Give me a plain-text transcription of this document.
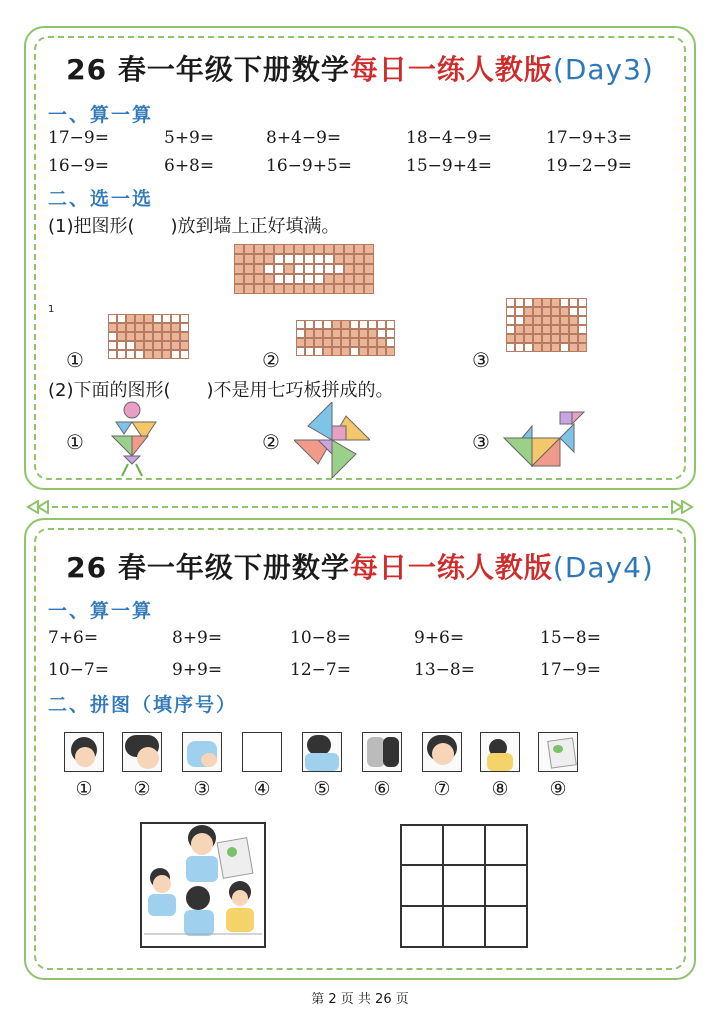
26 春一年级下册数学每日一练人教版(Day3)
一、算一算
17−9=	5+9=	8+4−9=	18−4−9=	17−9+3=
16−9=	6+8=	16−9+5=	15−9+4=	19−2−9=
二、选一选
(1)把图形(　　)放到墙上正好填满。
1
①	②	③
(2)下面的图形(　　)不是用七巧板拼成的。
①	②	③
26 春一年级下册数学每日一练人教版(Day4)
一、算一算
7+6=	8+9=	10−8=	9+6=	15−8=
10−7=	9+9=	12−7=	13−8=	17−9=
二、拼图（填序号）
①	②	③	④	⑤	⑥	⑦	⑧	⑨
第 2 页 共 26 页
